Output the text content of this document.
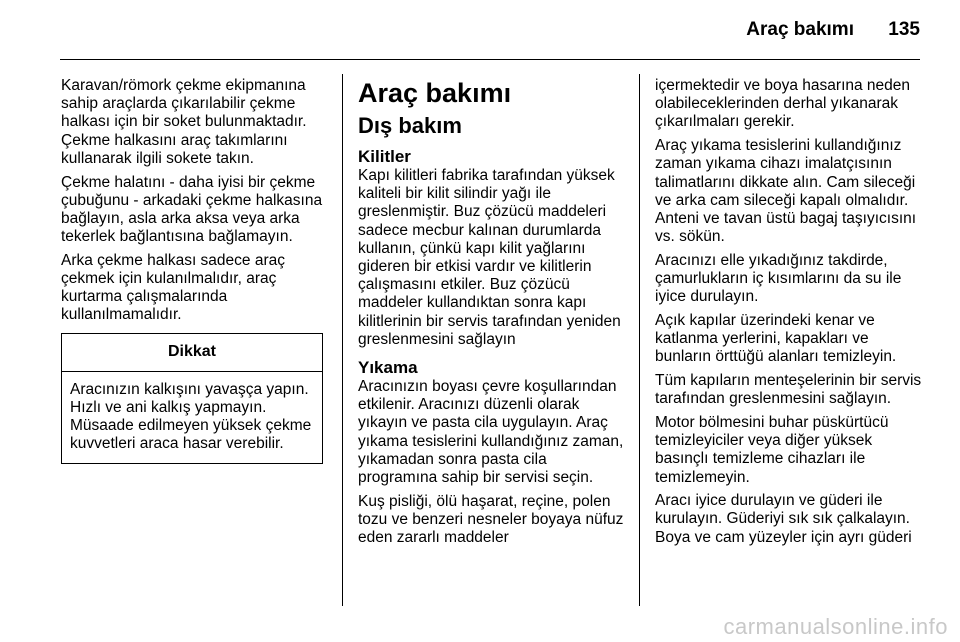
Araç bakımı 135

Karavan/römork çekme ekipmanına sahip araçlarda çıkarılabilir çekme halkası için bir soket bulunmaktadır. Çekme halkasını araç takımlarını kullanarak ilgili sokete takın.

Çekme halatını - daha iyisi bir çekme çubuğunu - arkadaki çekme halkasına bağlayın, asla arka aksa veya arka tekerlek bağlantısına bağlamayın.

Arka çekme halkası sadece araç çekmek için kulanılmalıdır, araç kurtarma çalışmalarında kullanılmamalıdır.

Dikkat
Aracınızın kalkışını yavaşça yapın. Hızlı ve ani kalkış yapmayın. Müsaade edilmeyen yüksek çekme kuvvetleri araca hasar verebilir.
Araç bakımı
Dış bakım
Kilitler

Kapı kilitleri fabrika tarafından yüksek kaliteli bir kilit silindir yağı ile greslenmiştir. Buz çözücü maddeleri sadece mecbur kalınan durumlarda kullanın, çünkü kapı kilit yağlarını gideren bir etkisi vardır ve kilitlerin çalışmasını etkiler. Buz çözücü maddeler kullandıktan sonra kapı kilitlerinin bir servis tarafından yeniden greslenmesini sağlayın

Yıkama

Aracınızın boyası çevre koşullarından etkilenir. Aracınızı düzenli olarak yıkayın ve pasta cila uygulayın. Araç yıkama tesislerini kullandığınız zaman, yıkamadan sonra pasta cila programına sahip bir servisi seçin.

Kuş pisliği, ölü haşarat, reçine, polen tozu ve benzeri nesneler boyaya nüfuz eden zararlı maddeler

içermektedir ve boya hasarına neden olabileceklerinden derhal yıkanarak çıkarılmaları gerekir.

Araç yıkama tesislerini kullandığınız zaman yıkama cihazı imalatçısının talimatlarını dikkate alın. Cam sileceği ve arka cam sileceği kapalı olmalıdır. Anteni ve tavan üstü bagaj taşıyıcısını vs. sökün.

Aracınızı elle yıkadığınız takdirde, çamurlukların iç kısımlarını da su ile iyice durulayın.

Açık kapılar üzerindeki kenar ve katlanma yerlerini, kapakları ve bunların örttüğü alanları temizleyin.

Tüm kapıların menteşelerinin bir servis tarafından greslenmesini sağlayın.

Motor bölmesini buhar püskürtücü temizleyiciler veya diğer yüksek basınçlı temizleme cihazları ile temizlemeyin.

Aracı iyice durulayın ve güderi ile kurulayın. Güderiyi sık sık çalkalayın. Boya ve cam yüzeyler için ayrı güderi

carmanualsonline.info
